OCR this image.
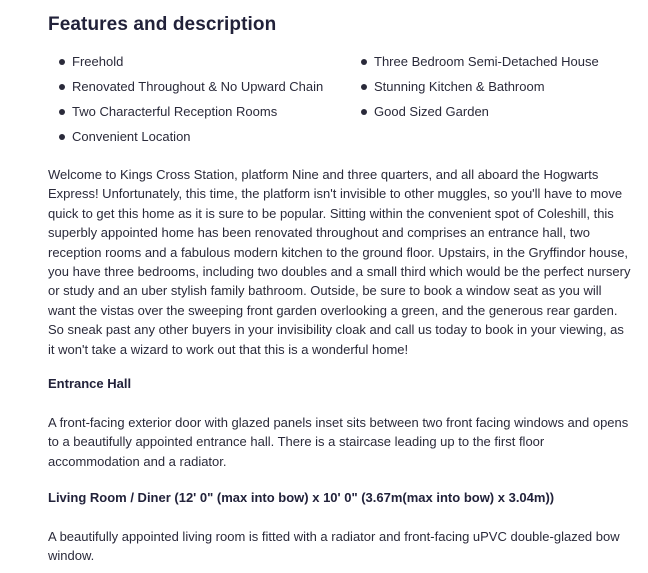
Features and description
Freehold	Three Bedroom Semi-Detached House
Renovated Throughout & No Upward Chain	Stunning Kitchen & Bathroom
Two Characterful Reception Rooms	Good Sized Garden
Convenient Location

Welcome to Kings Cross Station, platform Nine and three quarters, and all aboard the Hogwarts Express! Unfortunately, this time, the platform isn't invisible to other muggles, so you'll have to move quick to get this home as it is sure to be popular. Sitting within the convenient spot of Coleshill, this superbly appointed home has been renovated throughout and comprises an entrance hall, two reception rooms and a fabulous modern kitchen to the ground floor. Upstairs, in the Gryffindor house, you have three bedrooms, including two doubles and a small third which would be the perfect nursery or study and an uber stylish family bathroom. Outside, be sure to book a window seat as you will want the vistas over the sweeping front garden overlooking a green, and the generous rear garden. So sneak past any other buyers in your invisibility cloak and call us today to book in your viewing, as it won't take a wizard to work out that this is a wonderful home!

Entrance Hall

A front-facing exterior door with glazed panels inset sits between two front facing windows and opens to a beautifully appointed entrance hall. There is a staircase leading up to the first floor accommodation and a radiator.

Living Room / Diner (12' 0" (max into bow) x 10' 0" (3.67m(max into bow) x 3.04m))

A beautifully appointed living room is fitted with a radiator and front-facing uPVC double-glazed bow window.
